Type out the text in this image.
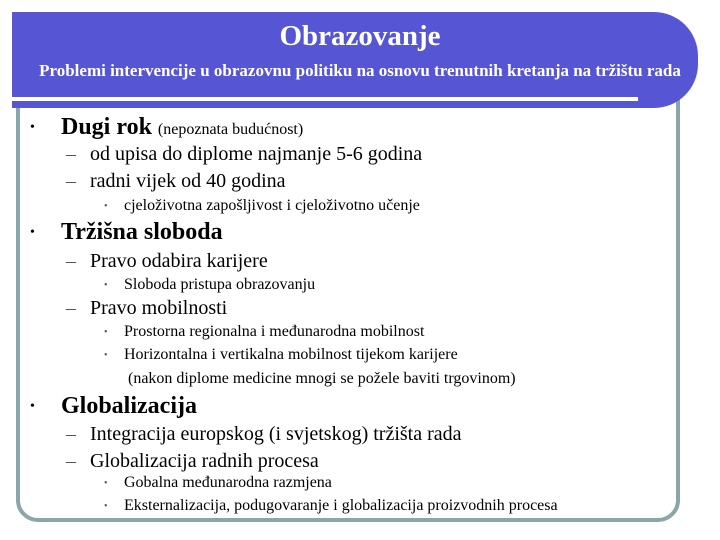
Obrazovanje

Problemi intervencije u obrazovnu politiku na osnovu trenutnih kretanja na tržištu rada

• Dugi rok (nepoznata budućnost)
– od upisa do diplome najmanje 5-6 godina
– radni vijek od 40 godina
• cjeloživotna zapošljivost i cjeloživotno učenje
• Tržišna sloboda
– Pravo odabira karijere
• Sloboda pristupa obrazovanju
– Pravo mobilnosti
• Prostorna regionalna i međunarodna mobilnost
• Horizontalna i vertikalna mobilnost tijekom karijere
(nakon diplome medicine mnogi se požele baviti trgovinom)
• Globalizacija
– Integracija europskog (i svjetskog) tržišta rada
– Globalizacija radnih procesa
• Gobalna međunarodna razmjena
• Eksternalizacija, podugovaranje i globalizacija proizvodnih procesa
